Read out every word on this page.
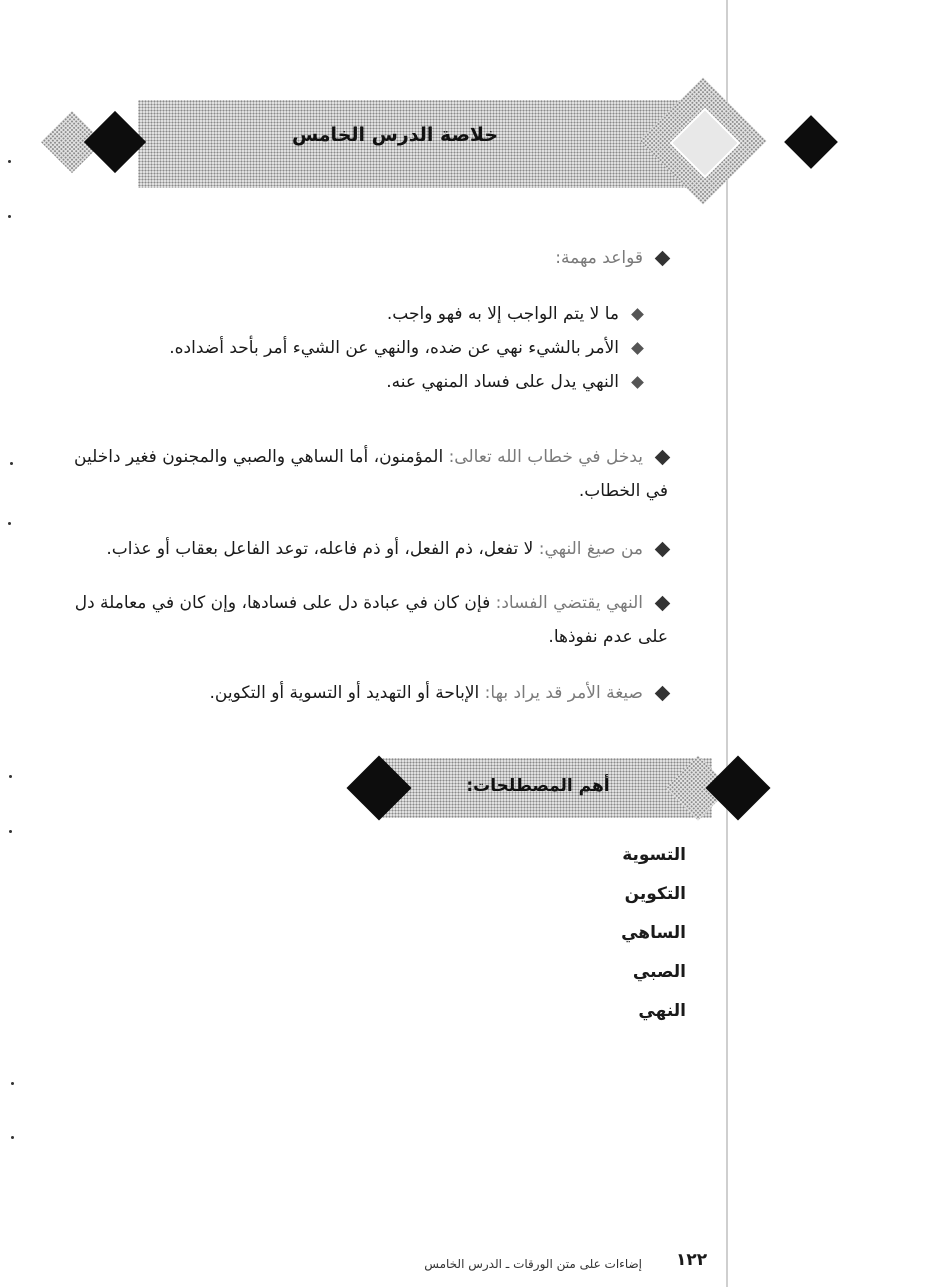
خلاصة الدرس الخامس
قواعد مهمة:
ما لا يتم الواجب إلا به فهو واجب.
الأمر بالشيء نهي عن ضده، والنهي عن الشيء أمر بأحد أضداده.
النهي يدل على فساد المنهي عنه.
يدخل في خطاب الله تعالى: المؤمنون، أما الساهي والصبي والمجنون فغير داخلين في الخطاب.
من صيغ النهي: لا تفعل، ذم الفعل، أو ذم فاعله، توعد الفاعل بعقاب أو عذاب.
النهي يقتضي الفساد: فإن كان في عبادة دل على فسادها، وإن كان في معاملة دل على عدم نفوذها.
صيغة الأمر قد يراد بها: الإباحة أو التهديد أو التسوية أو التكوين.
أهم المصطلحات:
التسوية
التكوين
الساهي
الصبي
النهي
١٢٢
إضاءات على متن الورقات ـ الدرس الخامس
